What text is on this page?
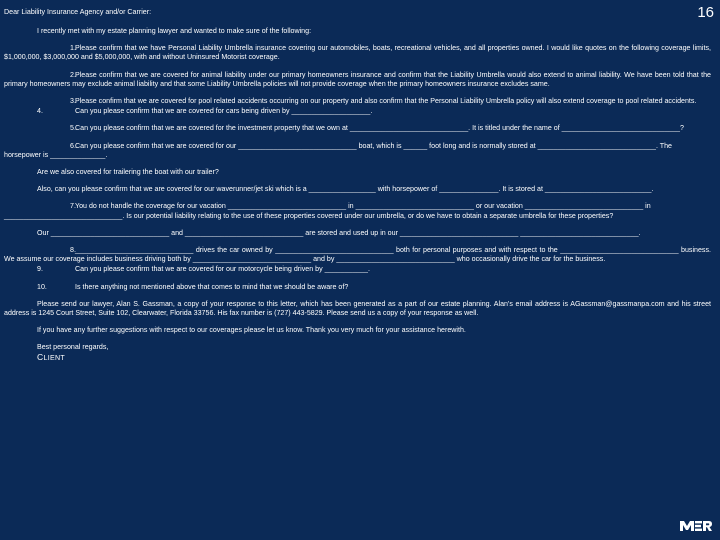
Dear Liability Insurance Agency and/or Carrier:	16

I recently met with my estate planning lawyer and wanted to make sure of the following:

1.Please confirm that we have Personal Liability Umbrella insurance covering our automobiles, boats, recreational vehicles, and all properties owned. I would like quotes on the following coverage limits, $1,000,000, $3,000,000 and $5,000,000, with and without Uninsured Motorist coverage.

2.Please confirm that we are covered for animal liability under our primary homeowners insurance and confirm that the Liability Umbrella would also extend to animal liability. We have been told that the primary homeowners may exclude animal liability and that some Liability Umbrella policies will not provide coverage when the primary homeowners insurance excludes same.

3.Please confirm that we are covered for pool related accidents occurring on our property and also confirm that the Personal Liability Umbrella policy will also extend coverage to pool related accidents.

4.	Can you please confirm that we are covered for cars being driven by ____________________.

5.Can you please confirm that we are covered for the investment property that we own at ______________________________. It is titled under the name of ______________________________?

6.Can you please confirm that we are covered for our ______________________________ boat, which is ______ foot long and is normally stored at ______________________________. The horsepower is ______________.

Are we also covered for trailering the boat with our trailer?

Also, can you please confirm that we are covered for our waverunner/jet ski which is a _________________ with horsepower of _______________. It is stored at ___________________________.

7.You do not handle the coverage for our vacation ______________________________ in ______________________________ or our vacation ______________________________ in ______________________________. Is our potential liability relating to the use of these properties covered under our umbrella, or do we have to obtain a separate umbrella for these properties?

Our ______________________________ and ______________________________ are stored and used up in our ______________________________ ______________________________.

8.______________________________ drives the car owned by ______________________________ both for personal purposes and with respect to the ______________________________ business. We assume our coverage includes business driving both by ______________________________ and by ______________________________ who occasionally drive the car for the business.

9.	Can you please confirm that we are covered for our motorcycle being driven by ___________.

10.	Is there anything not mentioned above that comes to mind that we should be aware of?

Please send our lawyer, Alan S. Gassman, a copy of your response to this letter, which has been generated as a part of our estate planning. Alan's email address is AGassman@gassmanpa.com and his street address is 1245 Court Street, Suite 102, Clearwater, Florida 33756. His fax number is (727) 443-5829. Please send us a copy of your response as well.

If you have any further suggestions with respect to our coverages please let us know. Thank you very much for your assistance herewith.

Best personal regards,

CLIENT
